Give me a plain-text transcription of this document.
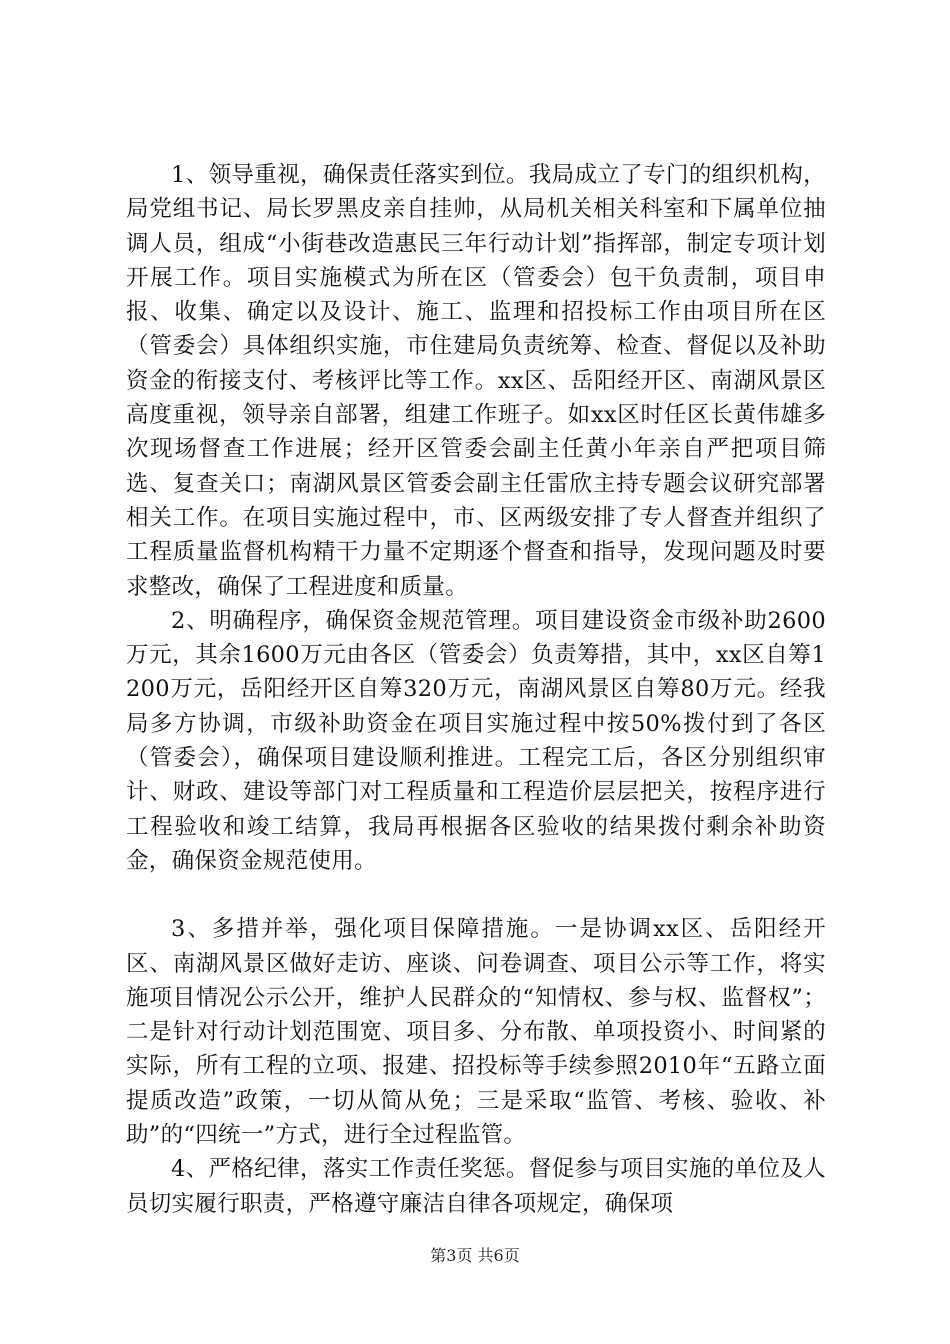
1、领导重视，确保责任落实到位。我局成立了专门的组织机构，局党组书记、局长罗黑皮亲自挂帅，从局机关相关科室和下属单位抽调人员，组成“小街巷改造惠民三年行动计划”指挥部，制定专项计划开展工作。项目实施模式为所在区（管委会）包干负责制，项目申报、收集、确定以及设计、施工、监理和招投标工作由项目所在区（管委会）具体组织实施，市住建局负责统筹、检查、督促以及补助资金的衔接支付、考核评比等工作。xx区、岳阳经开区、南湖风景区高度重视，领导亲自部署，组建工作班子。如xx区时任区长黄伟雄多次现场督查工作进展；经开区管委会副主任黄小年亲自严把项目筛选、复查关口；南湖风景区管委会副主任雷欣主持专题会议研究部署相关工作。在项目实施过程中，市、区两级安排了专人督查并组织了工程质量监督机构精干力量不定期逐个督查和指导，发现问题及时要求整改，确保了工程进度和质量。

2、明确程序，确保资金规范管理。项目建设资金市级补助2600万元，其余1600万元由各区（管委会）负责筹措，其中，xx区自筹1200万元，岳阳经开区自筹320万元，南湖风景区自筹80万元。经我局多方协调，市级补助资金在项目实施过程中按50%拨付到了各区（管委会），确保项目建设顺利推进。工程完工后，各区分别组织审计、财政、建设等部门对工程质量和工程造价层层把关，按程序进行工程验收和竣工结算，我局再根据各区验收的结果拨付剩余补助资金，确保资金规范使用。

3、多措并举，强化项目保障措施。一是协调xx区、岳阳经开区、南湖风景区做好走访、座谈、问卷调查、项目公示等工作，将实施项目情况公示公开，维护人民群众的“知情权、参与权、监督权”；二是针对行动计划范围宽、项目多、分布散、单项投资小、时间紧的实际，所有工程的立项、报建、招投标等手续参照2010年“五路立面提质改造”政策，一切从简从免；三是采取“监管、考核、验收、补助”的“四统一”方式，进行全过程监管。

4、严格纪律，落实工作责任奖惩。督促参与项目实施的单位及人员切实履行职责，严格遵守廉洁自律各项规定，确保项

第3页 共6页
